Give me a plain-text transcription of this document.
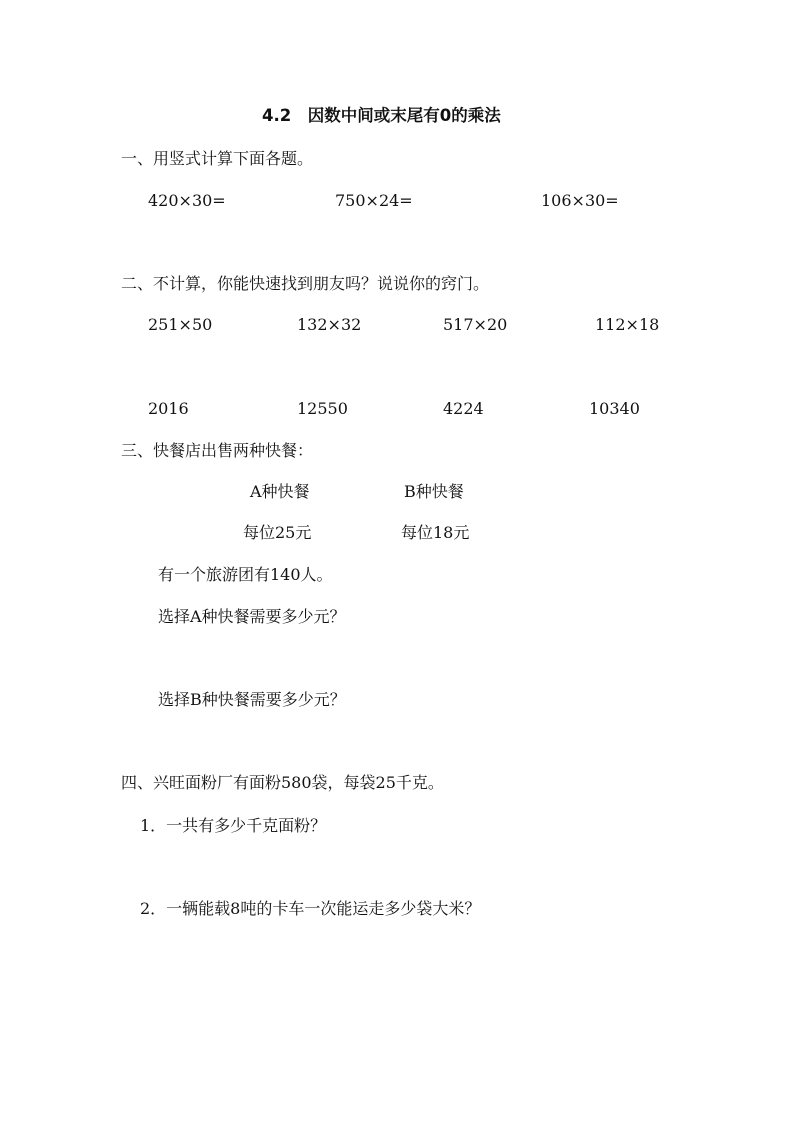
4.2　因数中间或末尾有0的乘法
一、用竖式计算下面各题。
420×30=	750×24=	106×30=
二、不计算，你能快速找到朋友吗？说说你的窍门。
251×50	132×32	517×20	112×18
2016	12550	4224	10340
三、快餐店出售两种快餐：
A种快餐	B种快餐
每位25元	每位18元
有一个旅游团有140人。
选择A种快餐需要多少元？
选择B种快餐需要多少元？
四、兴旺面粉厂有面粉580袋，每袋25千克。
1．一共有多少千克面粉？
2．一辆能载8吨的卡车一次能运走多少袋大米？
